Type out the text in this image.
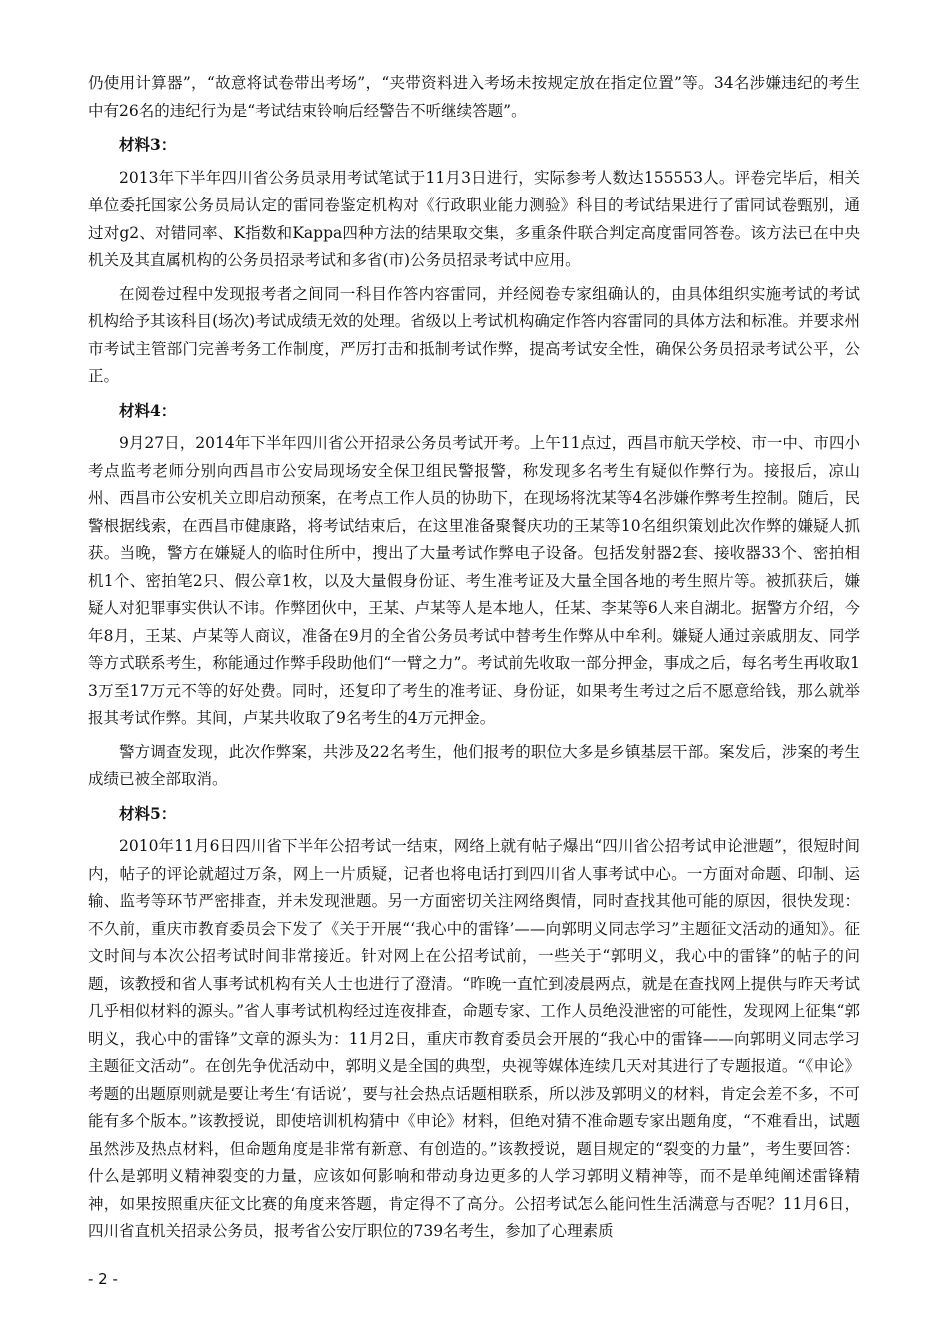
仍使用计算器”，“故意将试卷带出考场”，“夹带资料进入考场未按规定放在指定位置”等。34名涉嫌违纪的考生中有26名的违纪行为是“考试结束铃响后经警告不听继续答题”。

材料3：

2013年下半年四川省公务员录用考试笔试于11月3日进行，实际参考人数达155553人。评卷完毕后，相关单位委托国家公务员局认定的雷同卷鉴定机构对《行政职业能力测验》科目的考试结果进行了雷同试卷甄别，通过对g2、对错同率、K指数和Kappa四种方法的结果取交集，多重条件联合判定高度雷同答卷。该方法已在中央机关及其直属机构的公务员招录考试和多省(市)公务员招录考试中应用。

在阅卷过程中发现报考者之间同一科目作答内容雷同，并经阅卷专家组确认的，由具体组织实施考试的考试机构给予其该科目(场次)考试成绩无效的处理。省级以上考试机构确定作答内容雷同的具体方法和标准。并要求州市考试主管部门完善考务工作制度，严厉打击和抵制考试作弊，提高考试安全性，确保公务员招录考试公平，公正。

材料4：

9月27日，2014年下半年四川省公开招录公务员考试开考。上午11点过，西昌市航天学校、市一中、市四小考点监考老师分别向西昌市公安局现场安全保卫组民警报警，称发现多名考生有疑似作弊行为。接报后，凉山州、西昌市公安机关立即启动预案，在考点工作人员的协助下，在现场将沈某等4名涉嫌作弊考生控制。随后，民警根据线索，在西昌市健康路，将考试结束后，在这里准备聚餐庆功的王某等10名组织策划此次作弊的嫌疑人抓获。当晚，警方在嫌疑人的临时住所中，搜出了大量考试作弊电子设备。包括发射器2套、接收器33个、密拍相机1个、密拍笔2只、假公章1枚，以及大量假身份证、考生准考证及大量全国各地的考生照片等。被抓获后，嫌疑人对犯罪事实供认不讳。作弊团伙中，王某、卢某等人是本地人，任某、李某等6人来自湖北。据警方介绍，今年8月，王某、卢某等人商议，准备在9月的全省公务员考试中替考生作弊从中牟利。嫌疑人通过亲戚朋友、同学等方式联系考生，称能通过作弊手段助他们“一臂之力”。考试前先收取一部分押金，事成之后，每名考生再收取13万至17万元不等的好处费。同时，还复印了考生的准考证、身份证，如果考生考过之后不愿意给钱，那么就举报其考试作弊。其间，卢某共收取了9名考生的4万元押金。

警方调查发现，此次作弊案，共涉及22名考生，他们报考的职位大多是乡镇基层干部。案发后，涉案的考生成绩已被全部取消。

材料5：

2010年11月6日四川省下半年公招考试一结束，网络上就有帖子爆出“四川省公招考试申论泄题”，很短时间内，帖子的评论就超过万条，网上一片质疑，记者也将电话打到四川省人事考试中心。一方面对命题、印制、运输、监考等环节严密排查，并未发现泄题。另一方面密切关注网络舆情，同时查找其他可能的原因，很快发现：不久前，重庆市教育委员会下发了《关于开展“‘我心中的雷锋’——向郭明义同志学习”主题征文活动的通知》。征文时间与本次公招考试时间非常接近。针对网上在公招考试前，一些关于“郭明义，我心中的雷锋”的帖子的问题，该教授和省人事考试机构有关人士也进行了澄清。“昨晚一直忙到凌晨两点，就是在查找网上提供与昨天考试几乎相似材料的源头。”省人事考试机构经过连夜排查，命题专家、工作人员绝没泄密的可能性，发现网上征集“郭明义，我心中的雷锋”文章的源头为：11月2日，重庆市教育委员会开展的“我心中的雷锋——向郭明义同志学习主题征文活动”。在创先争优活动中，郭明义是全国的典型，央视等媒体连续几天对其进行了专题报道。“《申论》考题的出题原则就是要让考生‘有话说’，要与社会热点话题相联系，所以涉及郭明义的材料，肯定会差不多，不可能有多个版本。”该教授说，即使培训机构猜中《申论》材料，但绝对猜不准命题专家出题角度，“不难看出，试题虽然涉及热点材料，但命题角度是非常有新意、有创造的。”该教授说，题目规定的“裂变的力量”，考生要回答：什么是郭明义精神裂变的力量，应该如何影响和带动身边更多的人学习郭明义精神等，而不是单纯阐述雷锋精神，如果按照重庆征文比赛的角度来答题，肯定得不了高分。公招考试怎么能问性生活满意与否呢？11月6日，四川省直机关招录公务员，报考省公安厅职位的739名考生，参加了心理素质

- 2 -
